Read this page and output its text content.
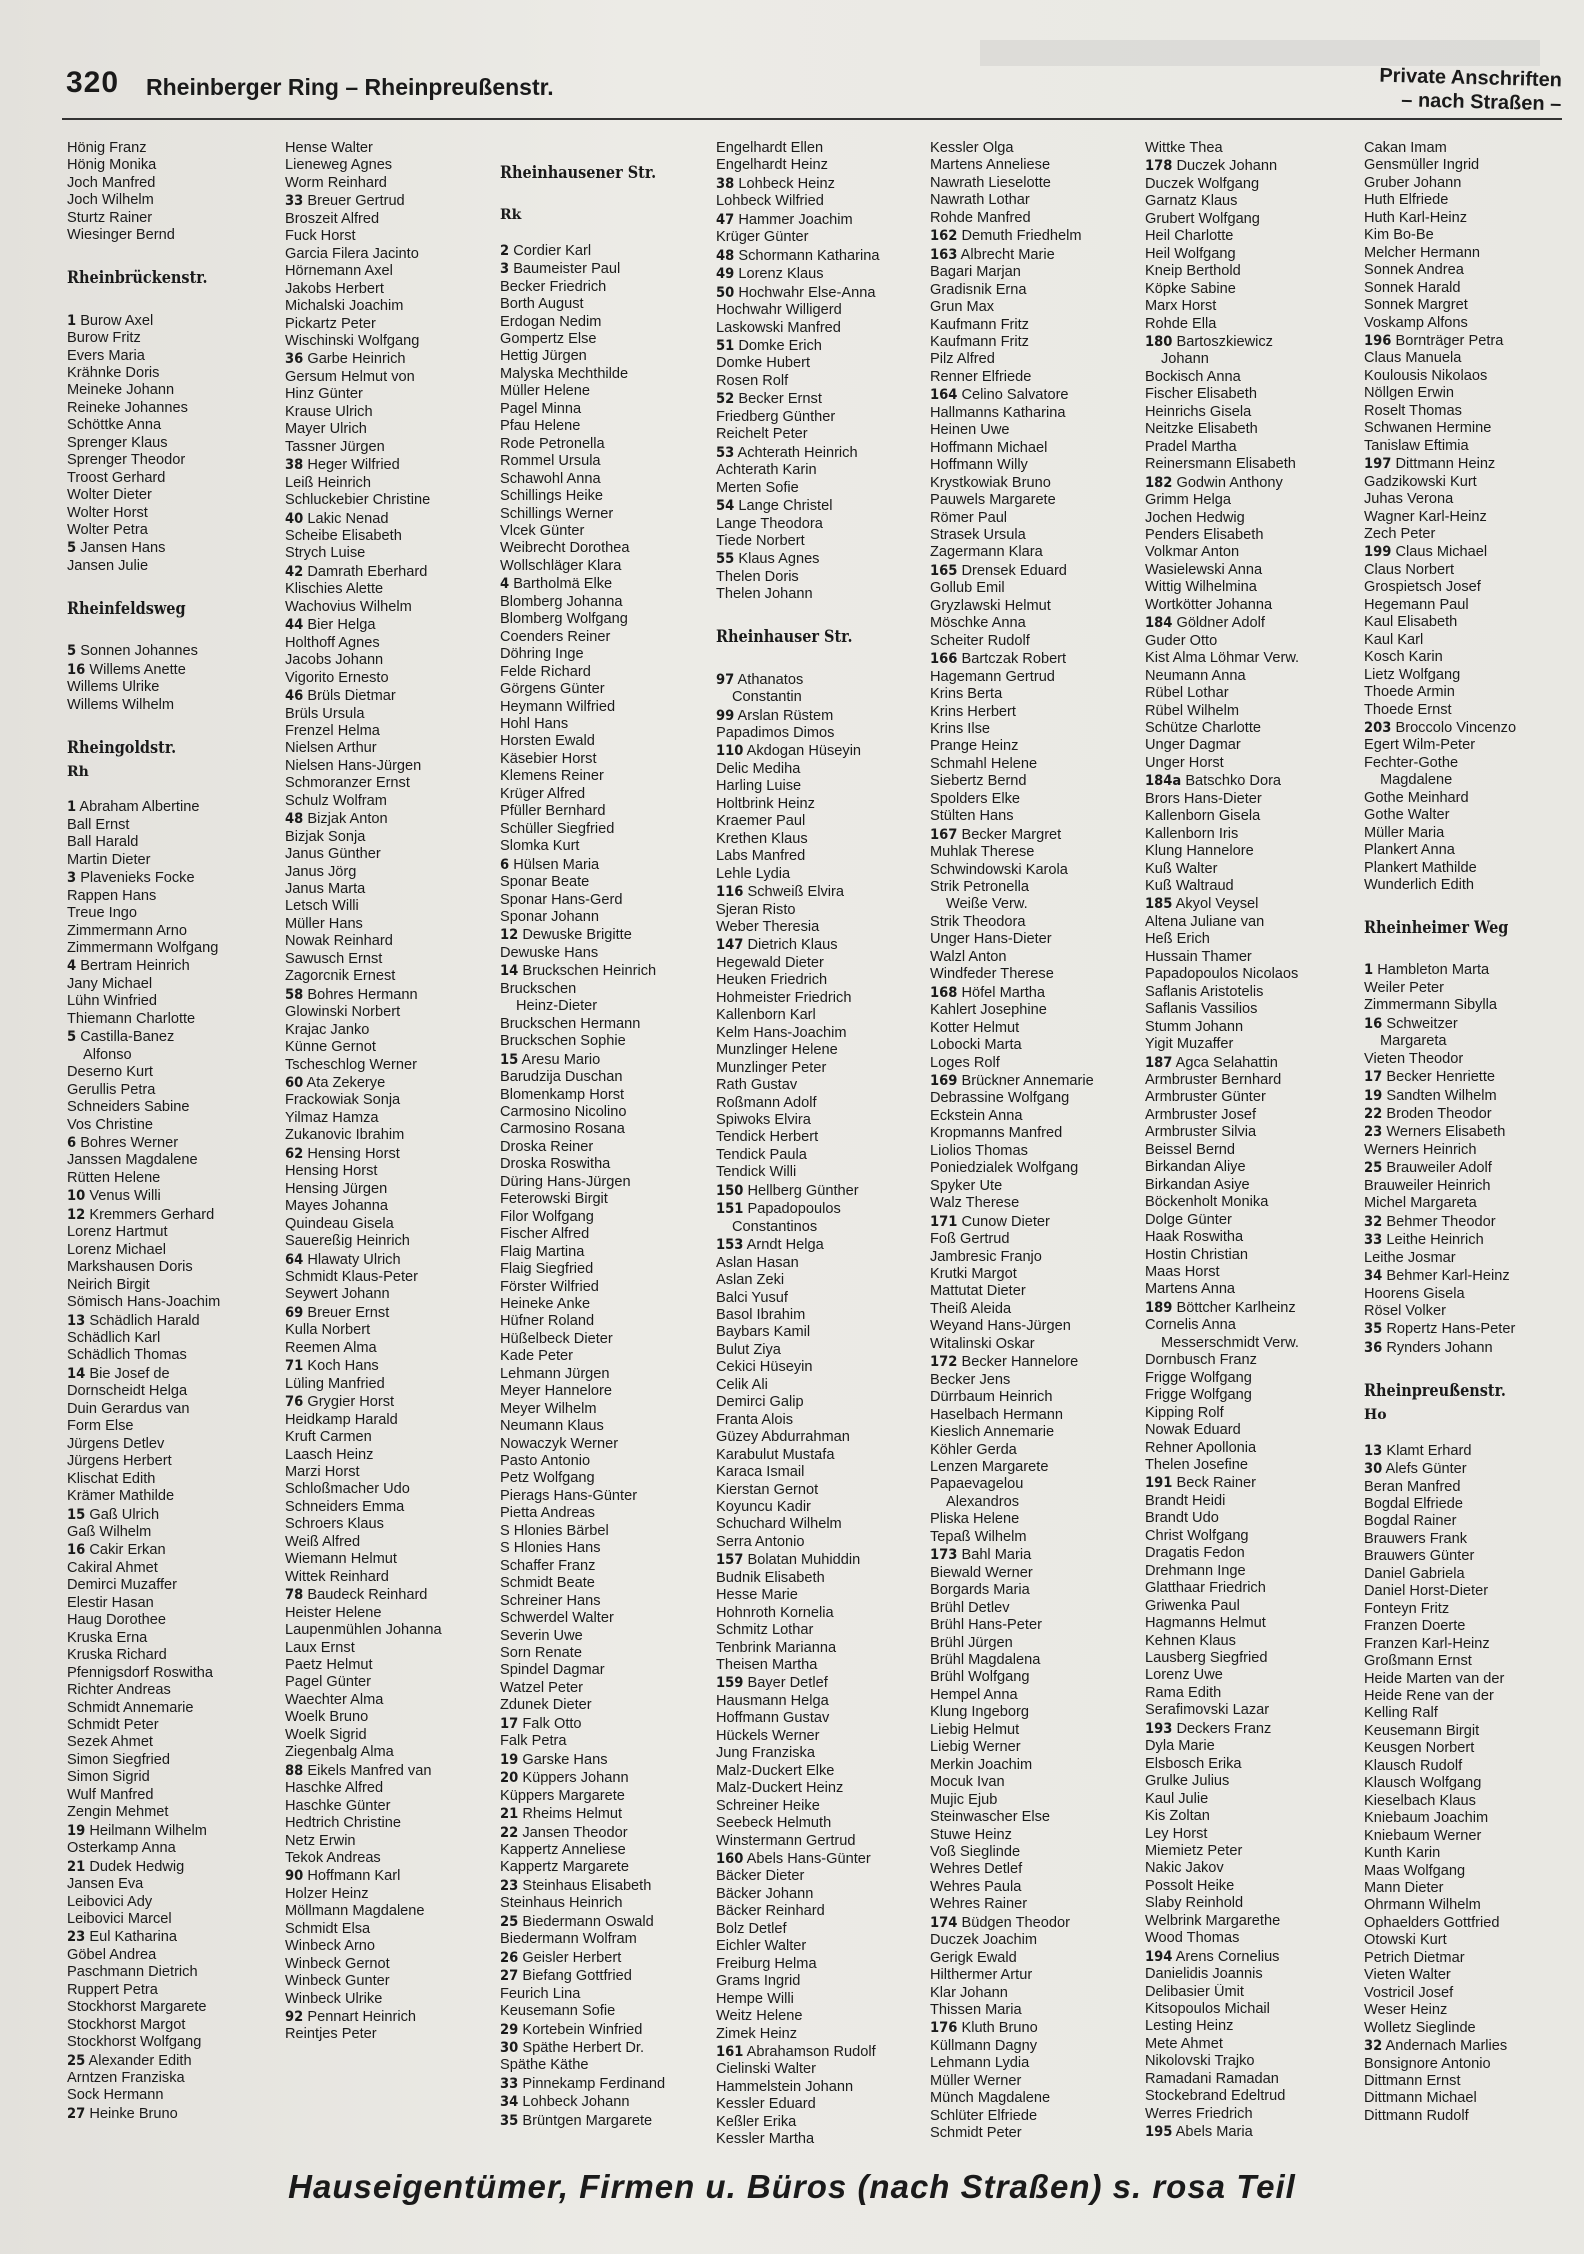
320 Rheinberger Ring – Rheinpreußenstr.	Private Anschriften
– nach Straßen –
Hönig Franz
Hönig Monika
Joch Manfred
Joch Wilhelm
Sturtz Rainer
Wiesinger Bernd
Rheinbrückenstr.
1 Burow Axel
Burow Fritz
Evers Maria
Krähnke Doris
Meineke Johann
Reineke Johannes
Schöttke Anna
Sprenger Klaus
Sprenger Theodor
Troost Gerhard
Wolter Dieter
Wolter Horst
Wolter Petra
5 Jansen Hans
Jansen Julie
Rheinfeldsweg
5 Sonnen Johannes
16 Willems Anette
Willems Ulrike
Willems Wilhelm
Rheingoldstr.
Rh
1 Abraham Albertine
Ball Ernst
Ball Harald
Martin Dieter
3 Plavenieks Focke
Rappen Hans
Treue Ingo
Zimmermann Arno
Zimmermann Wolfgang
4 Bertram Heinrich
Jany Michael
Lühn Winfried
Thiemann Charlotte
5 Castilla-Banez
Alfonso
Deserno Kurt
Gerullis Petra
Schneiders Sabine
Vos Christine
6 Bohres Werner
Janssen Magdalene
Rütten Helene
10 Venus Willi
12 Kremmers Gerhard
Lorenz Hartmut
Lorenz Michael
Markshausen Doris
Neirich Birgit
Sömisch Hans-Joachim
13 Schädlich Harald
Schädlich Karl
Schädlich Thomas
14 Bie Josef de
Dornscheidt Helga
Duin Gerardus van
Form Else
Jürgens Detlev
Jürgens Herbert
Klischat Edith
Krämer Mathilde
15 Gaß Ulrich
Gaß Wilhelm
16 Cakir Erkan
Cakiral Ahmet
Demirci Muzaffer
Elestir Hasan
Haug Dorothee
Kruska Erna
Kruska Richard
Pfennigsdorf Roswitha
Richter Andreas
Schmidt Annemarie
Schmidt Peter
Sezek Ahmet
Simon Siegfried
Simon Sigrid
Wulf Manfred
Zengin Mehmet
19 Heilmann Wilhelm
Osterkamp Anna
21 Dudek Hedwig
Jansen Eva
Leibovici Ady
Leibovici Marcel
23 Eul Katharina
Göbel Andrea
Paschmann Dietrich
Ruppert Petra
Stockhorst Margarete
Stockhorst Margot
Stockhorst Wolfgang
25 Alexander Edith
Arntzen Franziska
Sock Hermann
27 Heinke Bruno
Hense Walter
Lieneweg Agnes
Worm Reinhard
33 Breuer Gertrud
Broszeit Alfred
Fuck Horst
Garcia Filera Jacinto
Hörnemann Axel
Jakobs Herbert
Michalski Joachim
Pickartz Peter
Wischinski Wolfgang
36 Garbe Heinrich
Gersum Helmut von
Hinz Günter
Krause Ulrich
Mayer Ulrich
Tassner Jürgen
38 Heger Wilfried
Leiß Heinrich
Schluckebier Christine
40 Lakic Nenad
Scheibe Elisabeth
Strych Luise
42 Damrath Eberhard
Klischies Alette
Wachovius Wilhelm
44 Bier Helga
Holthoff Agnes
Jacobs Johann
Vigorito Ernesto
46 Brüls Dietmar
Brüls Ursula
Frenzel Helma
Nielsen Arthur
Nielsen Hans-Jürgen
Schmoranzer Ernst
Schulz Wolfram
48 Bizjak Anton
Bizjak Sonja
Janus Günther
Janus Jörg
Janus Marta
Letsch Willi
Müller Hans
Nowak Reinhard
Sawusch Ernst
Zagorcnik Ernest
58 Bohres Hermann
Glowinski Norbert
Krajac Janko
Künne Gernot
Tscheschlog Werner
60 Ata Zekerye
Frackowiak Sonja
Yilmaz Hamza
Zukanovic Ibrahim
62 Hensing Horst
Hensing Horst
Hensing Jürgen
Mayes Johanna
Quindeau Gisela
Sauereßig Heinrich
64 Hlawaty Ulrich
Schmidt Klaus-Peter
Seywert Johann
69 Breuer Ernst
Kulla Norbert
Reemen Alma
71 Koch Hans
Lüling Manfried
76 Grygier Horst
Heidkamp Harald
Kruft Carmen
Laasch Heinz
Marzi Horst
Schloßmacher Udo
Schneiders Emma
Schroers Klaus
Weiß Alfred
Wiemann Helmut
Wittek Reinhard
78 Baudeck Reinhard
Heister Helene
Laupenmühlen Johanna
Laux Ernst
Paetz Helmut
Pagel Günter
Waechter Alma
Woelk Bruno
Woelk Sigrid
Ziegenbalg Alma
88 Eikels Manfred van
Haschke Alfred
Haschke Günter
Hedtrich Christine
Netz Erwin
Tekok Andreas
90 Hoffmann Karl
Holzer Heinz
Möllmann Magdalene
Schmidt Elsa
Winbeck Arno
Winbeck Gernot
Winbeck Gunter
Winbeck Ulrike
92 Pennart Heinrich
Reintjes Peter
Rheinhausener Str.
Rk
2 Cordier Karl
3 Baumeister Paul
Becker Friedrich
Borth August
Erdogan Nedim
Gompertz Else
Hettig Jürgen
Malyska Mechthilde
Müller Helene
Pagel Minna
Pfau Helene
Rode Petronella
Rommel Ursula
Schawohl Anna
Schillings Heike
Schillings Werner
Vlcek Günter
Weibrecht Dorothea
Wollschläger Klara
4 Bartholmä Elke
Blomberg Johanna
Blomberg Wolfgang
Coenders Reiner
Döhring Inge
Felde Richard
Görgens Günter
Heymann Wilfried
Hohl Hans
Horsten Ewald
Käsebier Horst
Klemens Reiner
Krüger Alfred
Pfüller Bernhard
Schüller Siegfried
Slomka Kurt
6 Hülsen Maria
Sponar Beate
Sponar Hans-Gerd
Sponar Johann
12 Dewuske Brigitte
Dewuske Hans
14 Bruckschen Heinrich
Bruckschen
Heinz-Dieter
Bruckschen Hermann
Bruckschen Sophie
15 Aresu Mario
Barudzija Duschan
Blomenkamp Horst
Carmosino Nicolino
Carmosino Rosana
Droska Reiner
Droska Roswitha
Düring Hans-Jürgen
Feterowski Birgit
Filor Wolfgang
Fischer Alfred
Flaig Martina
Flaig Siegfried
Förster Wilfried
Heineke Anke
Hüfner Roland
Hüßelbeck Dieter
Kade Peter
Lehmann Jürgen
Meyer Hannelore
Meyer Wilhelm
Neumann Klaus
Nowaczyk Werner
Pasto Antonio
Petz Wolfgang
Pierags Hans-Günter
Pietta Andreas
S Hlonies Bärbel
S Hlonies Hans
Schaffer Franz
Schmidt Beate
Schreiner Hans
Schwerdel Walter
Severin Uwe
Sorn Renate
Spindel Dagmar
Watzel Peter
Zdunek Dieter
17 Falk Otto
Falk Petra
19 Garske Hans
20 Küppers Johann
Küppers Margarete
21 Rheims Helmut
22 Jansen Theodor
Kappertz Anneliese
Kappertz Margarete
23 Steinhaus Elisabeth
Steinhaus Heinrich
25 Biedermann Oswald
Biedermann Wolfram
26 Geisler Herbert
27 Biefang Gottfried
Feurich Lina
Keusemann Sofie
29 Kortebein Winfried
30 Späthe Herbert Dr.
Späthe Käthe
33 Pinnekamp Ferdinand
34 Lohbeck Johann
35 Brüntgen Margarete
Engelhardt Ellen
Engelhardt Heinz
38 Lohbeck Heinz
Lohbeck Wilfried
47 Hammer Joachim
Krüger Günter
48 Schormann Katharina
49 Lorenz Klaus
50 Hochwahr Else-Anna
Hochwahr Willigerd
Laskowski Manfred
51 Domke Erich
Domke Hubert
Rosen Rolf
52 Becker Ernst
Friedberg Günther
Reichelt Peter
53 Achterath Heinrich
Achterath Karin
Merten Sofie
54 Lange Christel
Lange Theodora
Tiede Norbert
55 Klaus Agnes
Thelen Doris
Thelen Johann
Rheinhauser Str.
97 Athanatos
Constantin
99 Arslan Rüstem
Papadimos Dimos
110 Akdogan Hüseyin
Delic Mediha
Harling Luise
Holtbrink Heinz
Kraemer Paul
Krethen Klaus
Labs Manfred
Lehle Lydia
116 Schweiß Elvira
Sjeran Risto
Weber Theresia
147 Dietrich Klaus
Hegewald Dieter
Heuken Friedrich
Hohmeister Friedrich
Kallenborn Karl
Kelm Hans-Joachim
Munzlinger Helene
Munzlinger Peter
Rath Gustav
Roßmann Adolf
Spiwoks Elvira
Tendick Herbert
Tendick Paula
Tendick Willi
150 Hellberg Günther
151 Papadopoulos
Constantinos
153 Arndt Helga
Aslan Hasan
Aslan Zeki
Balci Yusuf
Basol Ibrahim
Baybars Kamil
Bulut Ziya
Cekici Hüseyin
Celik Ali
Demirci Galip
Franta Alois
Güzey Abdurrahman
Karabulut Mustafa
Karaca Ismail
Kierstan Gernot
Koyuncu Kadir
Schuchard Wilhelm
Serra Antonio
157 Bolatan Muhiddin
Budnik Elisabeth
Hesse Marie
Hohnroth Kornelia
Schmitz Lothar
Tenbrink Marianna
Theisen Martha
159 Bayer Detlef
Hausmann Helga
Hoffmann Gustav
Hückels Werner
Jung Franziska
Malz-Duckert Elke
Malz-Duckert Heinz
Schreiner Heike
Seebeck Helmuth
Winstermann Gertrud
160 Abels Hans-Günter
Bäcker Dieter
Bäcker Johann
Bäcker Reinhard
Bolz Detlef
Eichler Walter
Freiburg Helma
Grams Ingrid
Hempe Willi
Weitz Helene
Zimek Heinz
161 Abrahamson Rudolf
Cielinski Walter
Hammelstein Johann
Kessler Eduard
Keßler Erika
Kessler Martha
Kessler Olga
Martens Anneliese
Nawrath Lieselotte
Nawrath Lothar
Rohde Manfred
162 Demuth Friedhelm
163 Albrecht Marie
Bagari Marjan
Gradisnik Erna
Grun Max
Kaufmann Fritz
Kaufmann Fritz
Pilz Alfred
Renner Elfriede
164 Celino Salvatore
Hallmanns Katharina
Heinen Uwe
Hoffmann Michael
Hoffmann Willy
Krystkowiak Bruno
Pauwels Margarete
Römer Paul
Strasek Ursula
Zagermann Klara
165 Drensek Eduard
Gollub Emil
Gryzlawski Helmut
Möschke Anna
Scheiter Rudolf
166 Bartczak Robert
Hagemann Gertrud
Krins Berta
Krins Herbert
Krins Ilse
Prange Heinz
Schmahl Helene
Siebertz Bernd
Spolders Elke
Stülten Hans
167 Becker Margret
Muhlak Therese
Schwindowski Karola
Strik Petronella
Weiße Verw.
Strik Theodora
Unger Hans-Dieter
Walzl Anton
Windfeder Therese
168 Höfel Martha
Kahlert Josephine
Kotter Helmut
Lobocki Marta
Loges Rolf
169 Brückner Annemarie
Debrassine Wolfgang
Eckstein Anna
Kropmanns Manfred
Liolios Thomas
Poniedzialek Wolfgang
Spyker Ute
Walz Therese
171 Cunow Dieter
Foß Gertrud
Jambresic Franjo
Krutki Margot
Mattutat Dieter
Theiß Aleida
Weyand Hans-Jürgen
Witalinski Oskar
172 Becker Hannelore
Becker Jens
Dürrbaum Heinrich
Haselbach Hermann
Kieslich Annemarie
Köhler Gerda
Lenzen Margarete
Papaevagelou
Alexandros
Pliska Helene
Tepaß Wilhelm
173 Bahl Maria
Biewald Werner
Borgards Maria
Brühl Detlev
Brühl Hans-Peter
Brühl Jürgen
Brühl Magdalena
Brühl Wolfgang
Hempel Anna
Klung Ingeborg
Liebig Helmut
Liebig Werner
Merkin Joachim
Mocuk Ivan
Mujic Ejub
Steinwascher Else
Stuwe Heinz
Voß Sieglinde
Wehres Detlef
Wehres Paula
Wehres Rainer
174 Büdgen Theodor
Duczek Joachim
Gerigk Ewald
Hilthermer Artur
Klar Johann
Thissen Maria
176 Kluth Bruno
Küllmann Dagny
Lehmann Lydia
Müller Werner
Münch Magdalene
Schlüter Elfriede
Schmidt Peter
Wittke Thea
178 Duczek Johann
Duczek Wolfgang
Garnatz Klaus
Grubert Wolfgang
Heil Charlotte
Heil Wolfgang
Kneip Berthold
Köpke Sabine
Marx Horst
Rohde Ella
180 Bartoszkiewicz
Johann
Bockisch Anna
Fischer Elisabeth
Heinrichs Gisela
Neitzke Elisabeth
Pradel Martha
Reinersmann Elisabeth
182 Godwin Anthony
Grimm Helga
Jochen Hedwig
Penders Elisabeth
Volkmar Anton
Wasielewski Anna
Wittig Wilhelmina
Wortkötter Johanna
184 Göldner Adolf
Guder Otto
Kist Alma Löhmar Verw.
Neumann Anna
Rübel Lothar
Rübel Wilhelm
Schütze Charlotte
Unger Dagmar
Unger Horst
184a Batschko Dora
Brors Hans-Dieter
Kallenborn Gisela
Kallenborn Iris
Klung Hannelore
Kuß Walter
Kuß Waltraud
185 Akyol Veysel
Altena Juliane van
Heß Erich
Hussain Thamer
Papadopoulos Nicolaos
Saflanis Aristotelis
Saflanis Vassilios
Stumm Johann
Yigit Muzaffer
187 Agca Selahattin
Armbruster Bernhard
Armbruster Günter
Armbruster Josef
Armbruster Silvia
Beissel Bernd
Birkandan Aliye
Birkandan Asiye
Böckenholt Monika
Dolge Günter
Haak Roswitha
Hostin Christian
Maas Horst
Martens Anna
189 Böttcher Karlheinz
Cornelis Anna
Messerschmidt Verw.
Dornbusch Franz
Frigge Wolfgang
Frigge Wolfgang
Kipping Rolf
Nowak Eduard
Rehner Apollonia
Thelen Josefine
191 Beck Rainer
Brandt Heidi
Brandt Udo
Christ Wolfgang
Dragatis Fedon
Drehmann Inge
Glatthaar Friedrich
Griwenka Paul
Hagmanns Helmut
Kehnen Klaus
Lausberg Siegfried
Lorenz Uwe
Rama Edith
Serafimovski Lazar
193 Deckers Franz
Dyla Marie
Elsbosch Erika
Grulke Julius
Kaul Julie
Kis Zoltan
Ley Horst
Miemietz Peter
Nakic Jakov
Possolt Heike
Slaby Reinhold
Welbrink Margarethe
Wood Thomas
194 Arens Cornelius
Danielidis Joannis
Delibasier Ümit
Kitsopoulos Michail
Lesting Heinz
Mete Ahmet
Nikolovski Trajko
Ramadani Ramadan
Stockebrand Edeltrud
Werres Friedrich
195 Abels Maria
Cakan Imam
Gensmüller Ingrid
Gruber Johann
Huth Elfriede
Huth Karl-Heinz
Kim Bo-Be
Melcher Hermann
Sonnek Andrea
Sonnek Harald
Sonnek Margret
Voskamp Alfons
196 Bornträger Petra
Claus Manuela
Koulousis Nikolaos
Nöllgen Erwin
Roselt Thomas
Schwanen Hermine
Tanislaw Eftimia
197 Dittmann Heinz
Gadzikowski Kurt
Juhas Verona
Wagner Karl-Heinz
Zech Peter
199 Claus Michael
Claus Norbert
Grospietsch Josef
Hegemann Paul
Kaul Elisabeth
Kaul Karl
Kosch Karin
Lietz Wolfgang
Thoede Armin
Thoede Ernst
203 Broccolo Vincenzo
Egert Wilm-Peter
Fechter-Gothe
Magdalene
Gothe Meinhard
Gothe Walter
Müller Maria
Plankert Anna
Plankert Mathilde
Wunderlich Edith
Rheinheimer Weg
1 Hambleton Marta
Weiler Peter
Zimmermann Sibylla
16 Schweitzer
Margareta
Vieten Theodor
17 Becker Henriette
19 Sandten Wilhelm
22 Broden Theodor
23 Werners Elisabeth
Werners Heinrich
25 Brauweiler Adolf
Brauweiler Heinrich
Michel Margareta
32 Behmer Theodor
33 Leithe Heinrich
Leithe Josmar
34 Behmer Karl-Heinz
Hoorens Gisela
Rösel Volker
35 Ropertz Hans-Peter
36 Rynders Johann
Rheinpreußenstr.
Ho
13 Klamt Erhard
30 Alefs Günter
Beran Manfred
Bogdal Elfriede
Bogdal Rainer
Brauwers Frank
Brauwers Günter
Daniel Gabriela
Daniel Horst-Dieter
Fonteyn Fritz
Franzen Doerte
Franzen Karl-Heinz
Großmann Ernst
Heide Marten van der
Heide Rene van der
Kelling Ralf
Keusemann Birgit
Keusgen Norbert
Klausch Rudolf
Klausch Wolfgang
Kieselbach Klaus
Kniebaum Joachim
Kniebaum Werner
Kunth Karin
Maas Wolfgang
Mann Dieter
Ohrmann Wilhelm
Ophaelders Gottfried
Otowski Kurt
Petrich Dietmar
Vieten Walter
Vostricil Josef
Weser Heinz
Wolletz Sieglinde
32 Andernach Marlies
Bonsignore Antonio
Dittmann Ernst
Dittmann Michael
Dittmann Rudolf
Hauseigentümer, Firmen u. Büros (nach Straßen) s. rosa Teil
